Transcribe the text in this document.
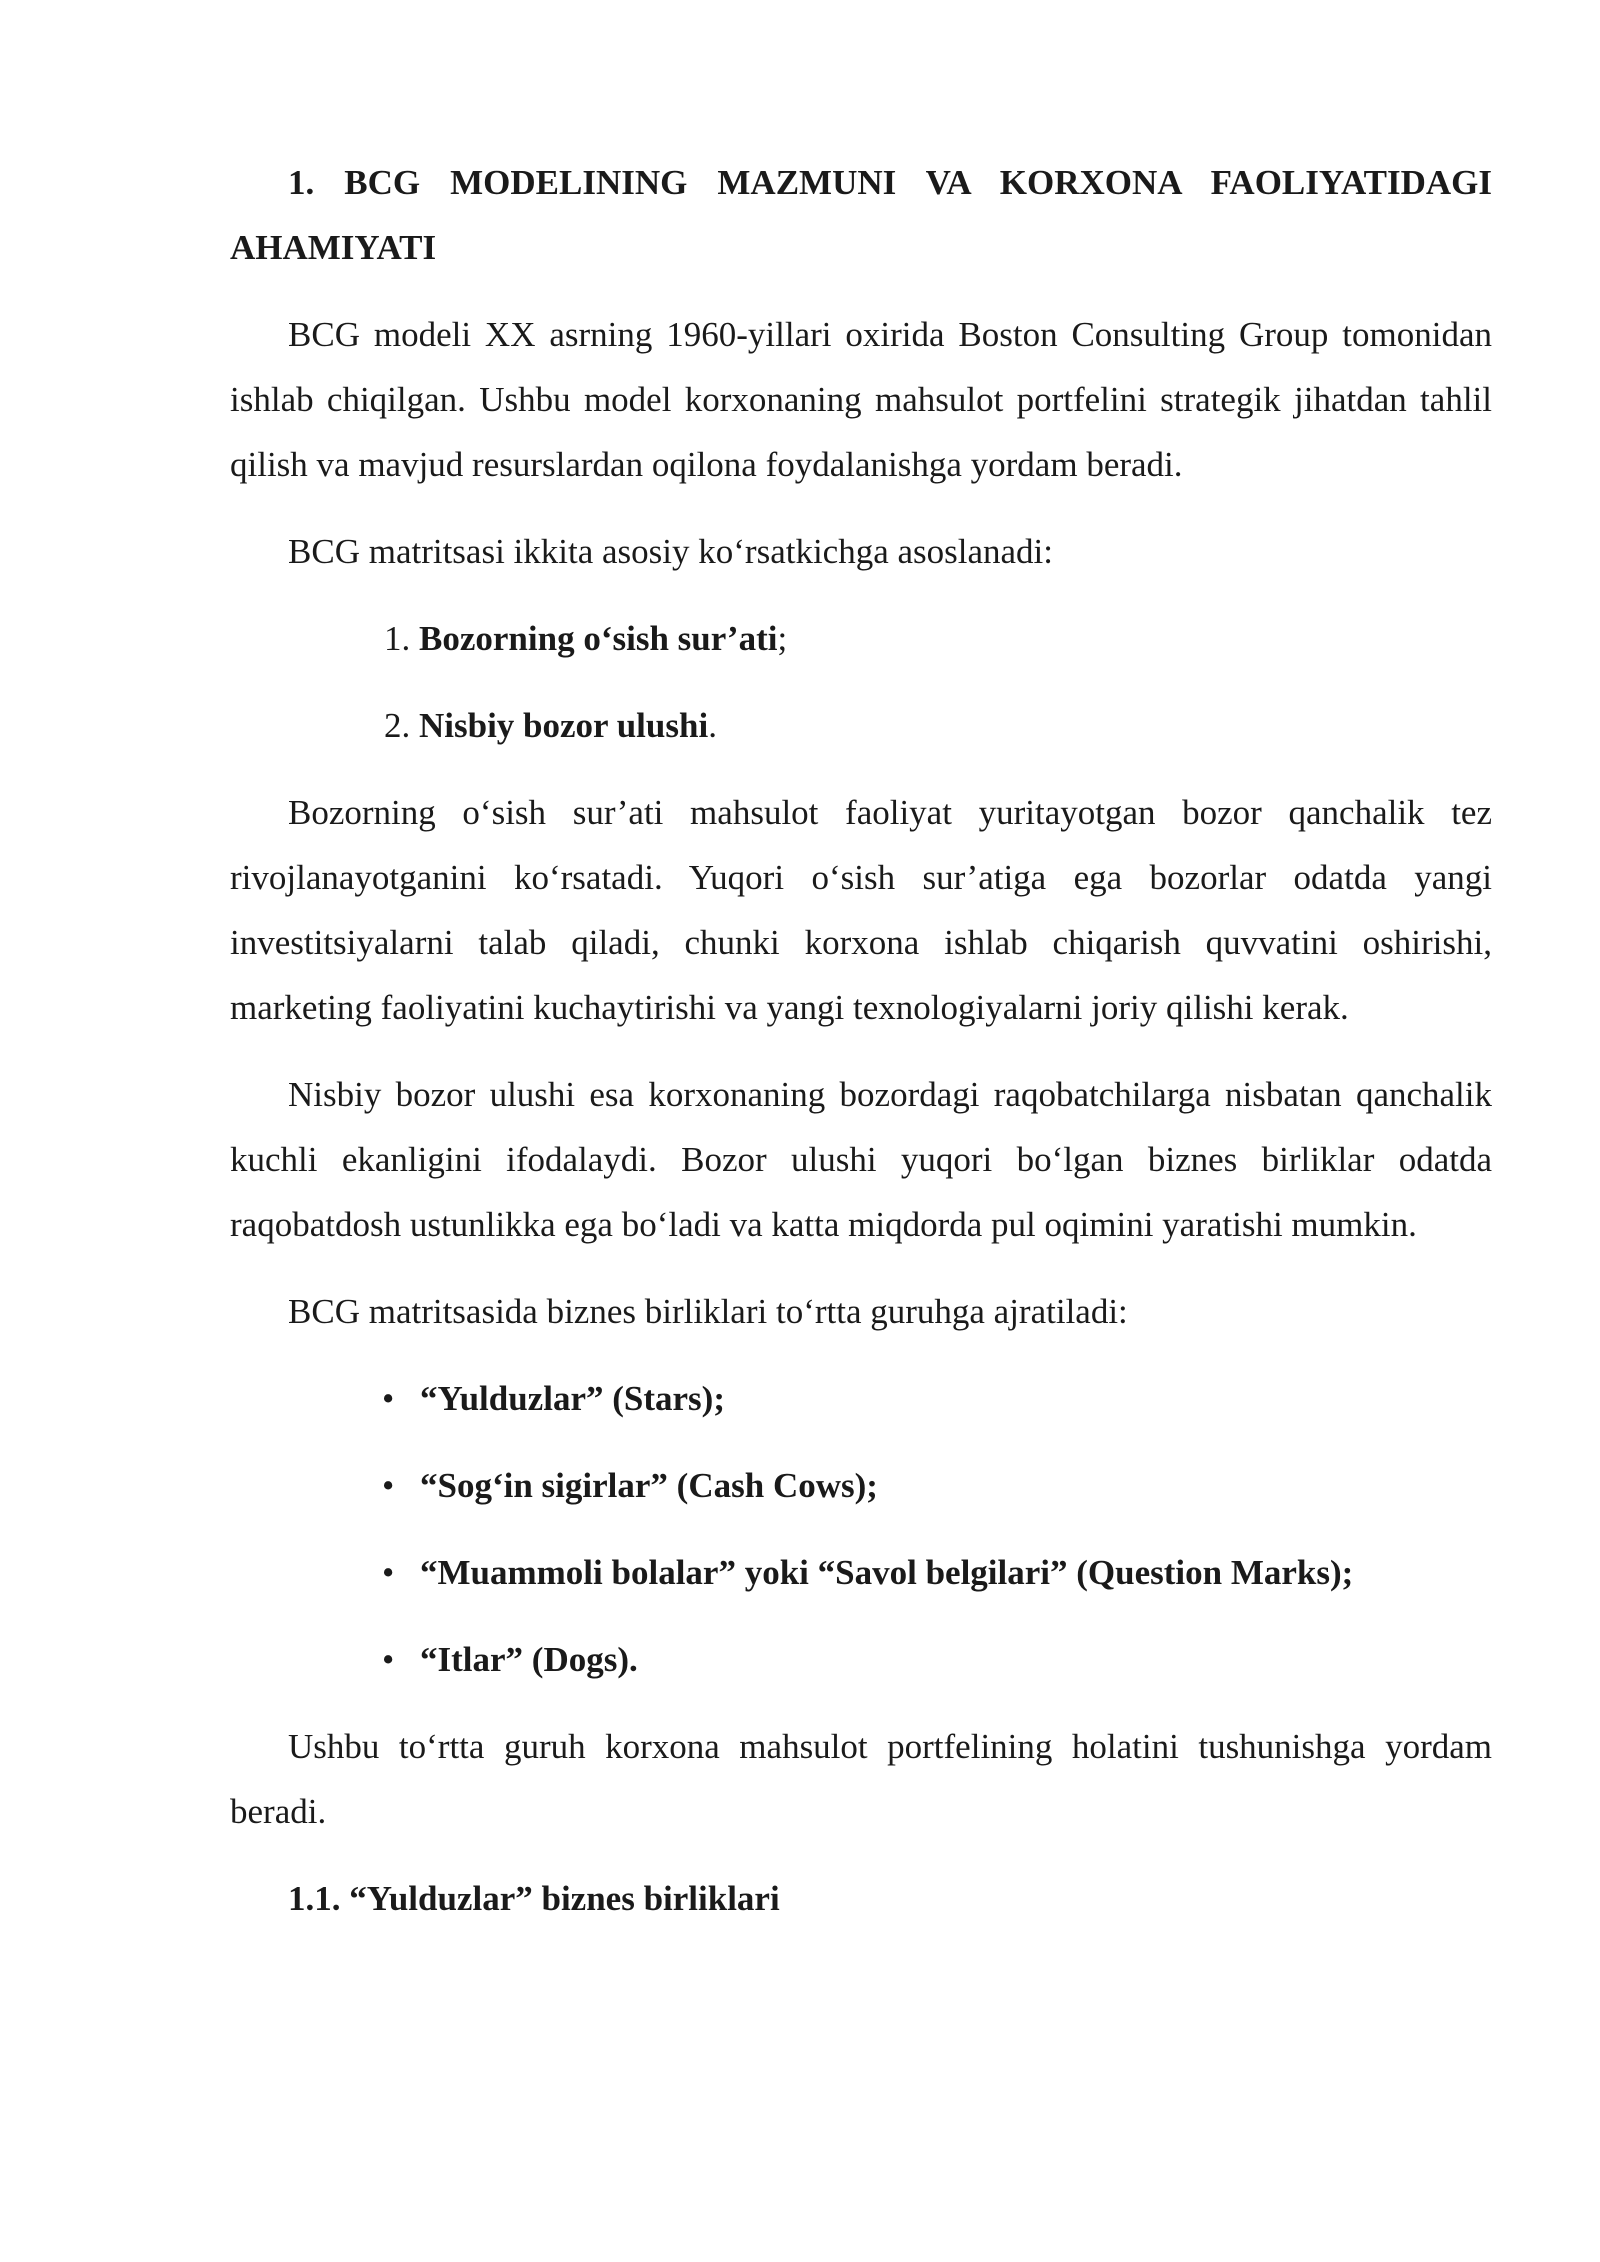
1. BCG MODELINING MAZMUNI VA KORXONA FAOLIYATIDAGI AHAMIYATI

BCG modeli XX asrning 1960-yillari oxirida Boston Consulting Group tomonidan ishlab chiqilgan. Ushbu model korxonaning mahsulot portfelini strategik jihatdan tahlil qilish va mavjud resurslardan oqilona foydalanishga yordam beradi.

BCG matritsasi ikkita asosiy ko‘rsatkichga asoslanadi:

1. Bozorning o‘sish sur’ati;
2. Nisbiy bozor ulushi.

Bozorning o‘sish sur’ati mahsulot faoliyat yuritayotgan bozor qanchalik tez rivojlanayotganini ko‘rsatadi. Yuqori o‘sish sur’atiga ega bozorlar odatda yangi investitsiyalarni talab qiladi, chunki korxona ishlab chiqarish quvvatini oshirishi, marketing faoliyatini kuchaytirishi va yangi texnologiyalarni joriy qilishi kerak.

Nisbiy bozor ulushi esa korxonaning bozordagi raqobatchilarga nisbatan qanchalik kuchli ekanligini ifodalaydi. Bozor ulushi yuqori bo‘lgan biznes birliklar odatda raqobatdosh ustunlikka ega bo‘ladi va katta miqdorda pul oqimini yaratishi mumkin.

BCG matritsasida biznes birliklari to‘rtta guruhga ajratiladi:

• “Yulduzlar” (Stars);
• “Sog‘in sigirlar” (Cash Cows);
• “Muammoli bolalar” yoki “Savol belgilari” (Question Marks);
• “Itlar” (Dogs).

Ushbu to‘rtta guruh korxona mahsulot portfelining holatini tushunishga yordam beradi.

1.1. “Yulduzlar” biznes birliklari
